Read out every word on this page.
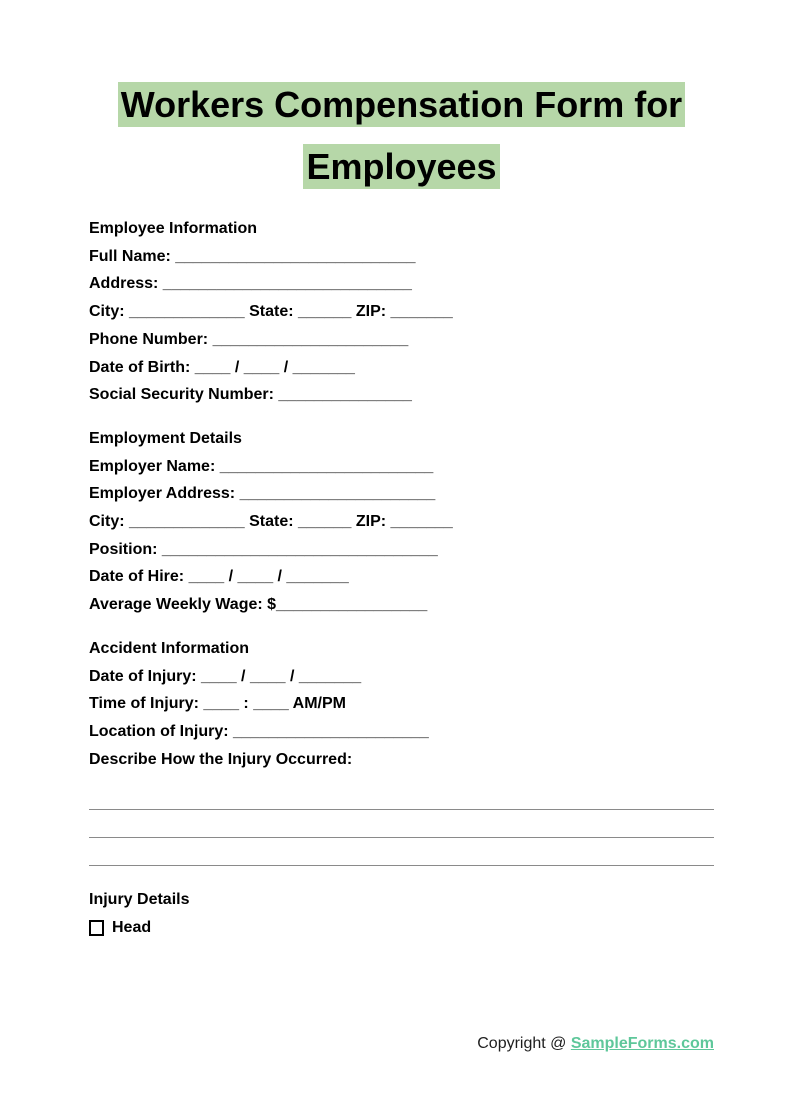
Workers Compensation Form for
Employees
Employee Information
Full Name: ___________________________
Address: ____________________________
City: _____________ State: ______ ZIP: _______
Phone Number: ______________________
Date of Birth: ____ / ____ / _______
Social Security Number: _______________
Employment Details
Employer Name: ________________________
Employer Address: ______________________
City: _____________ State: ______ ZIP: _______
Position: _______________________________
Date of Hire: ____ / ____ / _______
Average Weekly Wage: $_________________
Accident Information
Date of Injury: ____ / ____ / _______
Time of Injury: ____ : ____ AM/PM
Location of Injury: ______________________
Describe How the Injury Occurred:
Injury Details
Head
Copyright @ SampleForms.com
